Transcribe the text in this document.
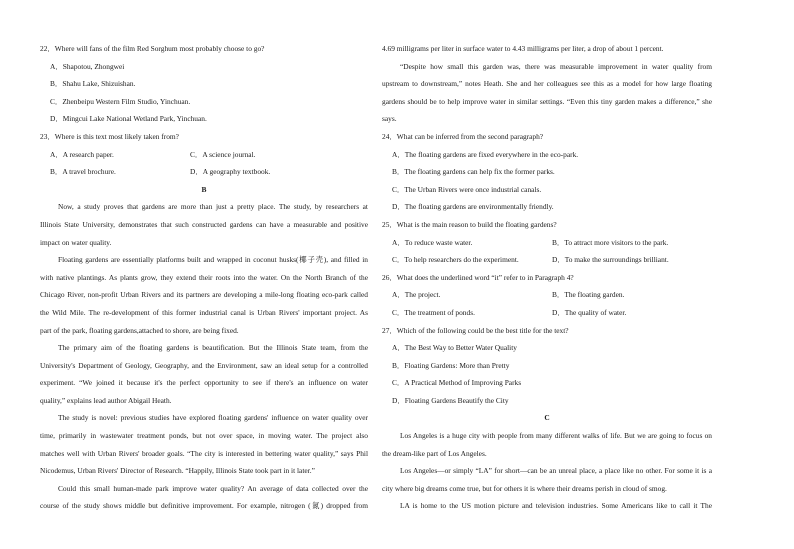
22．Where will fans of the film Red Sorghum most probably choose to go?
A．Shapotou, Zhongwei
B．Shahu Lake, Shizuishan.
C．Zhenbeipu Western Film Studio, Yinchuan.
D．Mingcui Lake National Wetland Park, Yinchuan.
23．Where is this text most likely taken from?
A．A research paper.	C．A science journal.
B．A travel brochure.	D．A geography textbook.
B
Now, a study proves that gardens are more than just a pretty place. The study, by researchers at
Illinois State University, demonstrates that such constructed gardens can have a measurable and positive
impact on water quality.
Floating gardens are essentially platforms built and wrapped in coconut husks(椰子壳), and filled in
with native plantings. As plants grow, they extend their roots into the water. On the North Branch of the
Chicago River, non-profit Urban Rivers and its partners are developing a mile-long floating eco-park called
the Wild Mile. The re-development of this former industrial canal is Urban Rivers' important project. As
part of the park, floating gardens,attached to shore, are being fixed.
The primary aim of the floating gardens is beautification. But the Illinois State team, from the
University's Department of Geology, Geography, and the Environment, saw an ideal setup for a controlled
experiment. “We joined it because it's the perfect opportunity to see if there's an influence on water
quality,” explains lead author Abigail Heath.
The study is novel: previous studies have explored floating gardens' influence on water quality over
time, primarily in wastewater treatment ponds, but not over space, in moving water. The project also
matches well with Urban Rivers' broader goals. “The city is interested in bettering water quality,” says Phil
Nicodemus, Urban Rivers' Director of Research. “Happily, Illinois State took part in it later.”
Could this small human-made park improve water quality? An average of data collected over the
course of the study shows middle but definitive improvement. For example, nitrogen (氮) dropped from
4.69 milligrams per liter in surface water to 4.43 milligrams per liter, a drop of about 1 percent.
“Despite how small this garden was, there was measurable improvement in water quality from
upstream to downstream,” notes Heath. She and her colleagues see this as a model for how large floating
gardens should be to help improve water in similar settings. “Even this tiny garden makes a difference,” she
says.
24．What can be inferred from the second paragraph?
A．The floating gardens are fixed everywhere in the eco-park.
B．The floating gardens can help fix the former parks.
C．The Urban Rivers were once industrial canals.
D．The floating gardens are environmentally friendly.
25．What is the main reason to build the floating gardens?
A．To reduce waste water.	B．To attract more visitors to the park.
C．To help researchers do the experiment.	D．To make the surroundings brilliant.
26．What does the underlined word “it” refer to in Paragraph 4?
A．The project.	B．The floating garden.
C．The treatment of ponds.	D．The quality of water.
27．Which of the following could be the best title for the text?
A．The Best Way to Better Water Quality
B．Floating Gardens: More than Pretty
C．A Practical Method of Improving Parks
D．Floating Gardens Beautify the City
C
Los Angeles is a huge city with people from many different walks of life. But we are going to focus on
the dream-like part of Los Angeles.
Los Angeles—or simply “LA” for short—can be an unreal place, a place like no other. For some it is a
city where big dreams come true, but for others it is where their dreams perish in cloud of smog.
LA is home to the US motion picture and television industries. Some Americans like to call it The
